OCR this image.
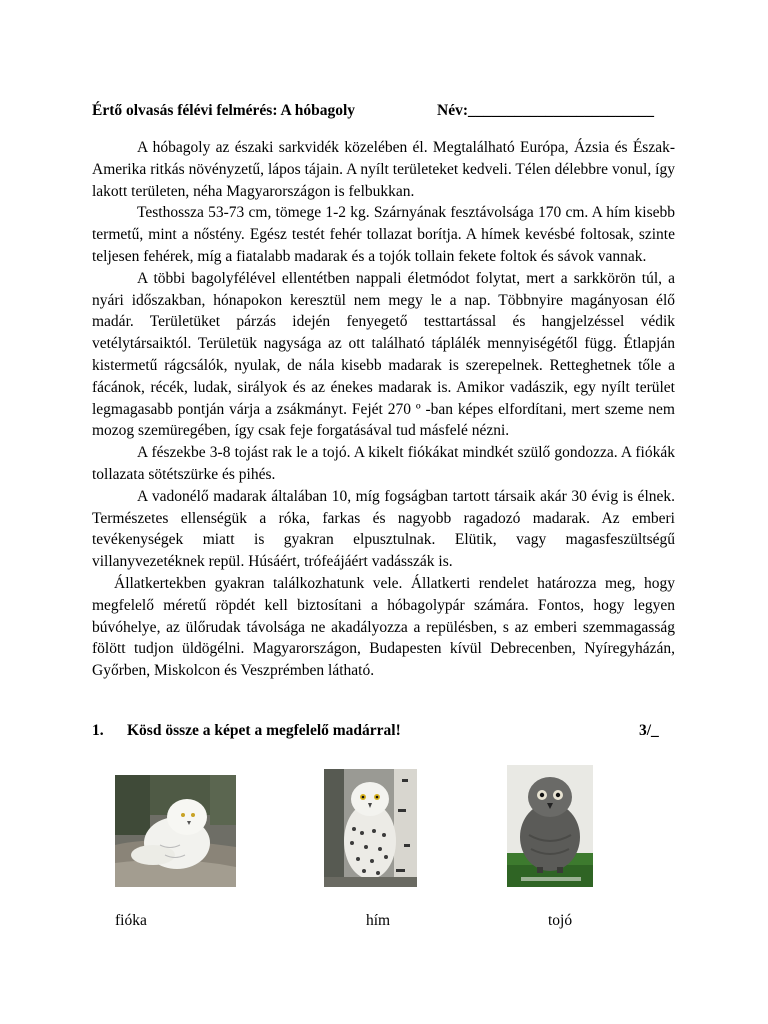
Értő olvasás félévi felmérés: A hóbagoly	Név:________________________

A hóbagoly az északi sarkvidék közelében él. Megtalálható Európa, Ázsia és Észak-Amerika ritkás növényzetű, lápos tájain. A nyílt területeket kedveli. Télen délebbre vonul, így lakott területen, néha Magyarországon is felbukkan.

Testhossza 53-73 cm, tömege 1-2 kg. Szárnyának fesztávolsága 170 cm. A hím kisebb termetű, mint a nőstény. Egész testét fehér tollazat borítja. A hímek kevésbé foltosak, szinte teljesen fehérek, míg a fiatalabb madarak és a tojók tollain fekete foltok és sávok vannak.

A többi bagolyfélével ellentétben nappali életmódot folytat, mert a sarkkörön túl, a nyári időszakban, hónapokon keresztül nem megy le a nap. Többnyire magányosan élő madár. Területüket párzás idején fenyegető testtartással és hangjelzéssel védik vetélytársaiktól. Területük nagysága az ott található táplálék mennyiségétől függ. Étlapján kistermetű rágcsálók, nyulak, de nála kisebb madarak is szerepelnek. Retteghetnek tőle a fácánok, récék, ludak, sirályok és az énekes madarak is. Amikor vadászik, egy nyílt terület legmagasabb pontján várja a zsákmányt. Fejét 270 º -ban képes elfordítani, mert szeme nem mozog szemüregében, így csak feje forgatásával tud másfelé nézni.

A fészekbe 3-8 tojást rak le a tojó. A kikelt fiókákat mindkét szülő gondozza. A fiókák tollazata sötétszürke és pihés.

A vadonélő madarak általában 10, míg fogságban tartott társaik akár 30 évig is élnek. Természetes ellenségük a róka, farkas és nagyobb ragadozó madarak. Az emberi tevékenységek miatt is gyakran elpusztulnak. Elütik, vagy magasfeszültségű villanyvezetéknek repül. Húsáért, trófeájáért vadásszák is.

Állatkertekben gyakran találkozhatunk vele. Állatkerti rendelet határozza meg, hogy megfelelő méretű röpdét kell biztosítani a hóbagolypár számára. Fontos, hogy legyen búvóhelye, az ülőrudak távolsága ne akadályozza a repülésben, s az emberi szemmagasság fölött tudjon üldögélni. Magyarországon, Budapesten kívül Debrecenben, Nyíregyházán, Győrben, Miskolcon és Veszprémben látható.

1. Kösd össze a képet a megfelelő madárral!	3/_
fióka	hím	tojó
